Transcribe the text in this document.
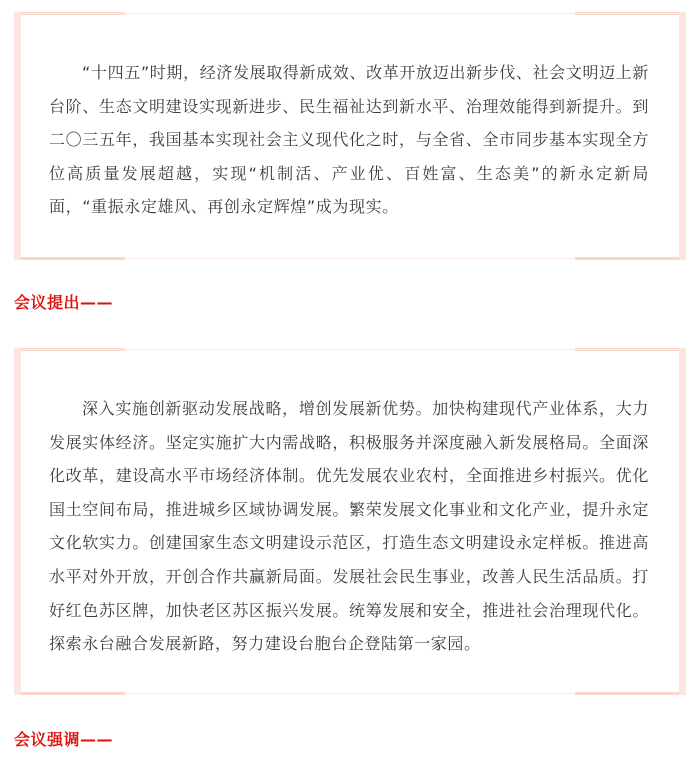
“十四五”时期，经济发展取得新成效、改革开放迈出新步伐、社会文明迈上新台阶、生态文明建设实现新进步、民生福祉达到新水平、治理效能得到新提升。到二〇三五年，我国基本实现社会主义现代化之时，与全省、全市同步基本实现全方位高质量发展超越，实现“机制活、产业优、百姓富、生态美”的新永定新局面，“重振永定雄风、再创永定辉煌”成为现实。

会议提出——

深入实施创新驱动发展战略，增创发展新优势。加快构建现代产业体系，大力发展实体经济。坚定实施扩大内需战略，积极服务并深度融入新发展格局。全面深化改革，建设高水平市场经济体制。优先发展农业农村，全面推进乡村振兴。优化国土空间布局，推进城乡区域协调发展。繁荣发展文化事业和文化产业，提升永定文化软实力。创建国家生态文明建设示范区，打造生态文明建设永定样板。推进高水平对外开放，开创合作共赢新局面。发展社会民生事业，改善人民生活品质。打好红色苏区牌，加快老区苏区振兴发展。统筹发展和安全，推进社会治理现代化。探索永台融合发展新路，努力建设台胞台企登陆第一家园。

会议强调——
